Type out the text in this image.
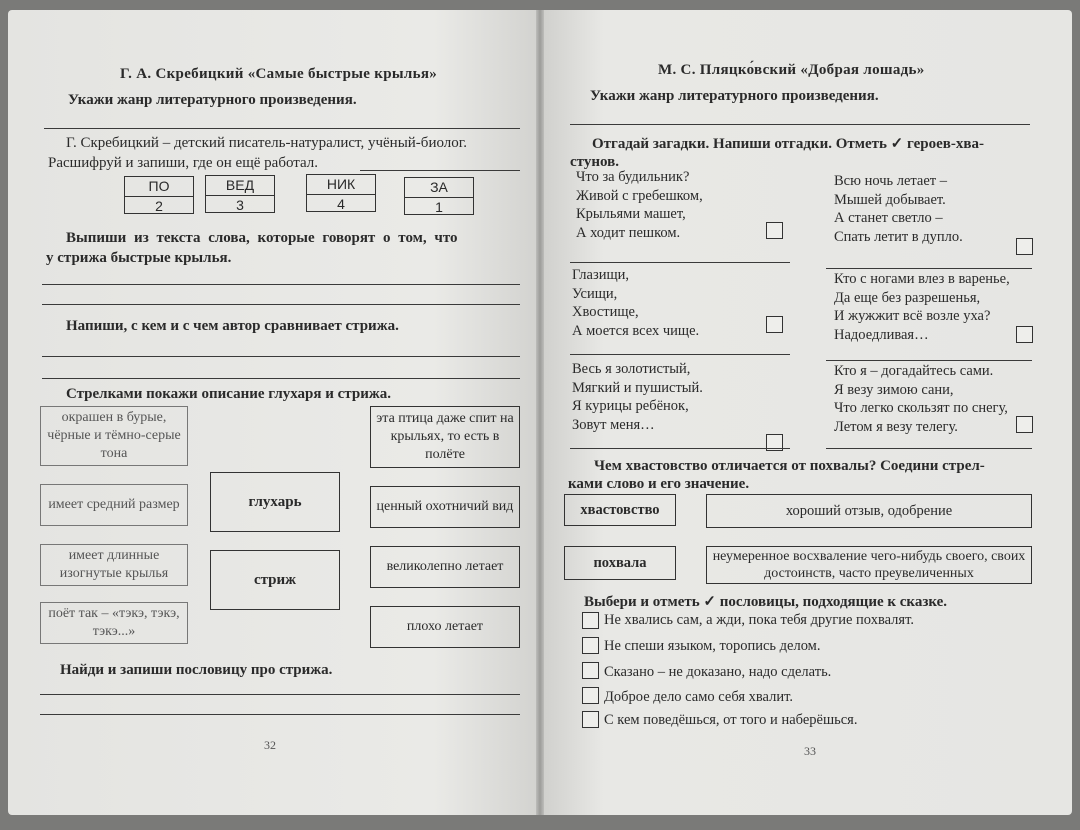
Г. А. Скребицкий «Самые быстрые крылья»
Укажи жанр литературного произведения.
Г. Скребицкий – детский писатель-натуралист, учёный-биолог.
Расшифруй и запиши, где он ещё работал.
ПО
2
ВЕД
3
НИК
4
ЗА
1
Выпиши из текста слова, которые говорят о том, что
у стрижа быстрые крылья.
Напиши, с кем и с чем автор сравнивает стрижа.
Стрелками покажи описание глухаря и стрижа.
окрашен в бурые, чёрные и тёмно-серые тона
имеет средний размер
имеет длинные изогнутые крылья
поёт так – «тэкэ, тэкэ, тэкэ...»
глухарь
стриж
эта птица даже спит на крыльях, то есть в полёте
ценный охотничий вид
великолепно летает
плохо летает
Найди и запиши пословицу про стрижа.
32
М. С. Пляцко́вский «Добрая лошадь»
Укажи жанр литературного произведения.
Отгадай загадки. Напиши отгадки. Отметь ✓ героев-хва-
стунов.
Что за будильник?
Живой с гребешком,
Крыльями машет,
А ходит пешком.
Всю ночь летает –
Мышей добывает.
А станет светло –
Спать летит в дупло.
Глазищи,
Усищи,
Хвостище,
А моется всех чище.
Кто с ногами влез в варенье,
Да еще без разрешенья,
И жужжит всё возле уха?
Надоедливая…
Весь я золотистый,
Мягкий и пушистый.
Я курицы ребёнок,
Зовут меня…
Кто я – догадайтесь сами.
Я везу зимою сани,
Что легко скользят по снегу,
Летом я везу телегу.
Чем хвастовство отличается от похвалы? Соедини стрел-
ками слово и его значение.
хвастовство	хороший отзыв, одобрение
похвала	неумеренное восхваление чего-нибудь своего, своих достоинств, часто преувеличенных
Выбери и отметь ✓ пословицы, подходящие к сказке.
Не хвались сам, а жди, пока тебя другие похвалят.
Не спеши языком, торопись делом.
Сказано – не доказано, надо сделать.
Доброе дело само себя хвалит.
С кем поведёшься, от того и наберёшься.
33
